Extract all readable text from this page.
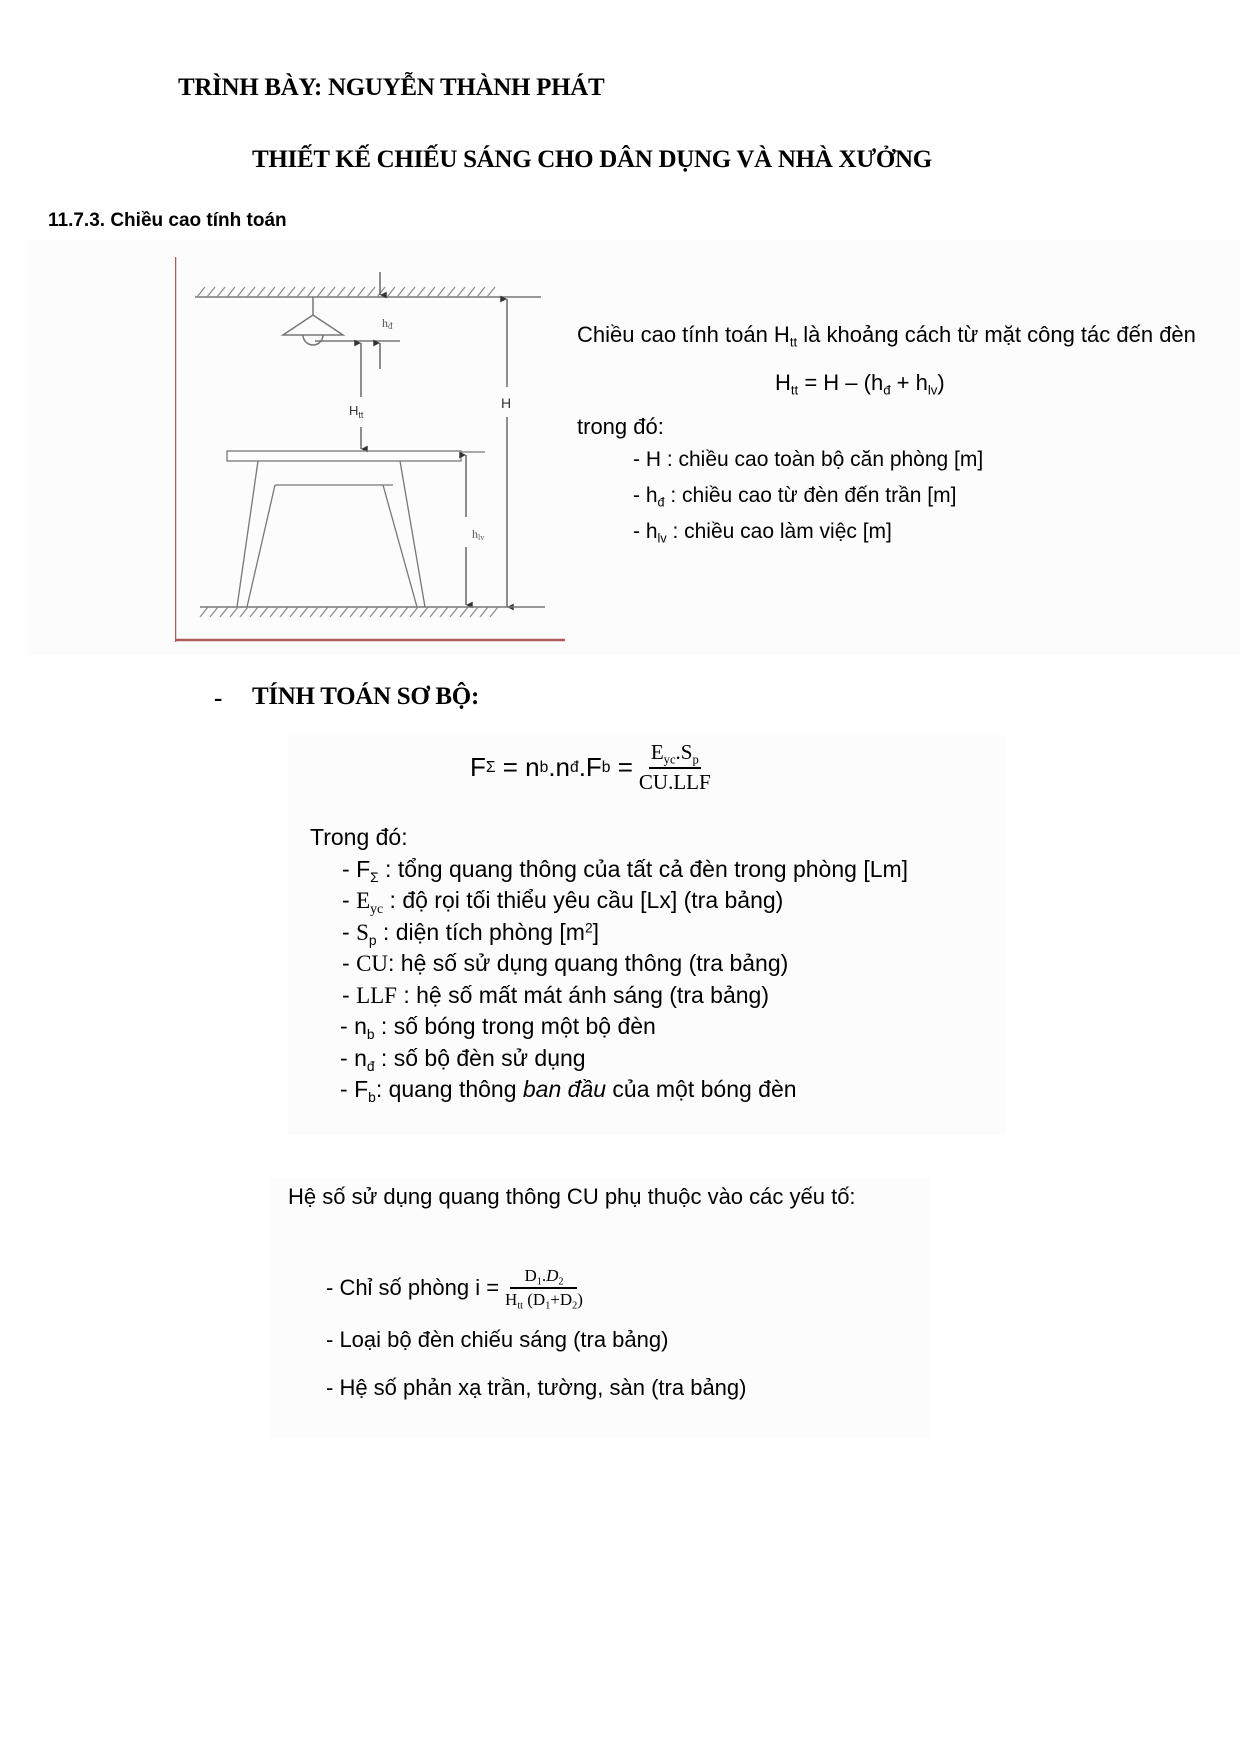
TRÌNH BÀY: NGUYỄN THÀNH PHÁT
THIẾT KẾ CHIẾU SÁNG CHO DÂN DỤNG VÀ NHÀ XƯỞNG
11.7.3. Chiều cao tính toán
hđ
$H_{tt}$
H
hlv
Chiều cao tính toán $H_{tt}$ là khoảng cách từ mặt công tác đến đèn
$H_{tt} = H - (h_đ + h_{lv})$
trong đó:
- H : chiều cao toàn bộ căn phòng [m]
- $h_đ$ : chiều cao từ đèn đến trần [m]
- $h_{lv}$ : chiều cao làm việc [m]
- TÍNH TOÁN SƠ BỘ:
F Σ = n b .n đ .F $b = \frac{E_{yc}.S_p}{\text{CU.LLF}}$
Trong đó:
- $F_\Sigma$ : tổng quang thông của tất cả đèn trong phòng [Lm]
- $E_{yc}$ : độ rọi tối thiểu yêu cầu [Lx] (tra bảng)
- $S_p$ : diện tích phòng $[m^2]$
- CU: hệ số sử dụng quang thông (tra bảng)
- LLF : hệ số mất mát ánh sáng (tra bảng)
- $n_b$ : số bóng trong một bộ đèn
- $n_đ$ : số bộ đèn sử dụng
- $F_b$: quang thông ban đầu của một bóng đèn
Hệ số sử dụng quang thông CU phụ thuộc vào các yếu tố:
- Chỉ số phòng $i = \frac{D_1.D_2}{H_{tt} (D_1+D_2)}$
- Loại bộ đèn chiếu sáng (tra bảng)
- Hệ số phản xạ trần, tường, sàn (tra bảng)
